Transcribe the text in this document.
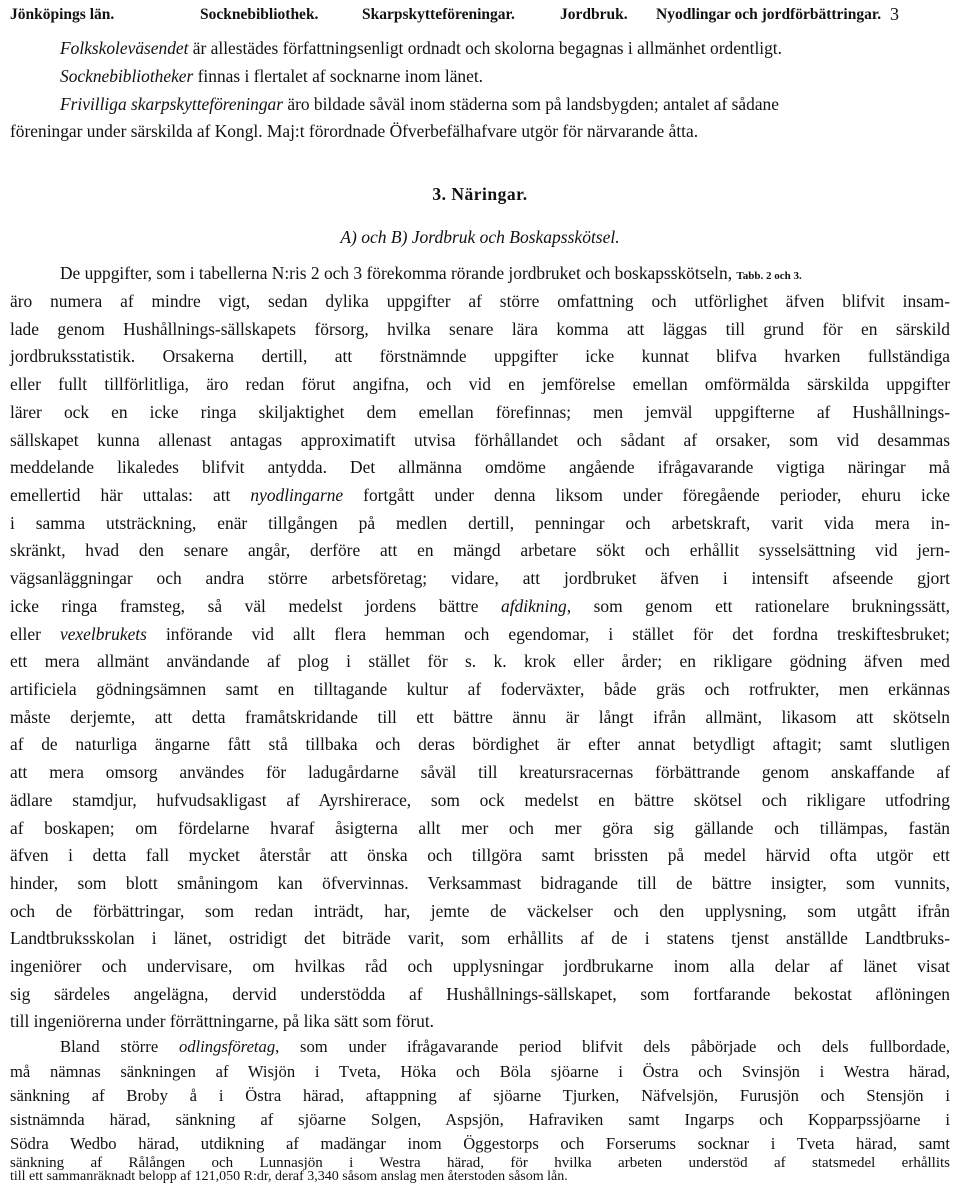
Jönköpings län.	Socknebibliothek.	Skarpskytteföreningar.	Jordbruk. Nyodlingar och jordförbättringar. 3
Folkskoleväsendet är allestädes författningsenligt ordnadt och skolorna begagnas i allmänhet ordentligt.
Socknebibliotheker finnas i flertalet af socknarne inom länet.
Frivilliga skarpskytteföreningar äro bildade såväl inom städerna som på landsbygden; antalet af sådane
föreningar under särskilda af Kongl. Maj:t förordnade Öfverbefälhafvare utgör för närvarande åtta.
3. Näringar.
A) och B) Jordbruk och Boskapsskötsel.
De uppgifter, som i tabellerna N:ris 2 och 3 förekomma rörande jordbruket och boskapsskötseln, Tabb. 2 och 3.
äro numera af mindre vigt, sedan dylika uppgifter af större omfattning och utförlighet äfven blifvit insam-
lade genom Hushållnings-sällskapets försorg, hvilka senare lära komma att läggas till grund för en särskild
jordbruksstatistik. Orsakerna dertill, att förstnämnde uppgifter icke kunnat blifva hvarken fullständiga
eller fullt tillförlitliga, äro redan förut angifna, och vid en jemförelse emellan omförmälda särskilda uppgifter
lärer ock en icke ringa skiljaktighet dem emellan förefinnas; men jemväl uppgifterne af Hushållnings-
sällskapet kunna allenast antagas approximatift utvisa förhållandet och sådant af orsaker, som vid desammas
meddelande likaledes blifvit antydda. Det allmänna omdöme angående ifrågavarande vigtiga näringar må
emellertid här uttalas: att nyodlingarne fortgått under denna liksom under föregående perioder, ehuru icke
i samma utsträckning, enär tillgången på medlen dertill, penningar och arbetskraft, varit vida mera in-
skränkt, hvad den senare angår, derföre att en mängd arbetare sökt och erhållit sysselsättning vid jern-
vägsanläggningar och andra större arbetsföretag; vidare, att jordbruket äfven i intensift afseende gjort
icke ringa framsteg, så väl medelst jordens bättre afdikning, som genom ett rationelare brukningssätt,
eller vexelbrukets införande vid allt flera hemman och egendomar, i stället för det fordna treskiftesbruket;
ett mera allmänt användande af plog i stället för s. k. krok eller årder; en rikligare gödning äfven med
artificiela gödningsämnen samt en tilltagande kultur af foderväxter, både gräs och rotfrukter, men erkännas
måste derjemte, att detta framåtskridande till ett bättre ännu är långt ifrån allmänt, likasom att skötseln
af de naturliga ängarne fått stå tillbaka och deras bördighet är efter annat betydligt aftagit; samt slutligen
att mera omsorg användes för ladugårdarne såväl till kreatursracernas förbättrande genom anskaffande af
ädlare stamdjur, hufvudsakligast af Ayrshirerace, som ock medelst en bättre skötsel och rikligare utfodring
af boskapen; om fördelarne hvaraf åsigterna allt mer och mer göra sig gällande och tillämpas, fastän
äfven i detta fall mycket återstår att önska och tillgöra samt brissten på medel härvid ofta utgör ett
hinder, som blott småningom kan öfvervinnas. Verksammast bidragande till de bättre insigter, som vunnits,
och de förbättringar, som redan inträdt, har, jemte de väckelser och den upplysning, som utgått ifrån
Landtbruksskolan i länet, ostridigt det biträde varit, som erhållits af de i statens tjenst anställde Landtbruks-
ingeniörer och undervisare, om hvilkas råd och upplysningar jordbrukarne inom alla delar af länet visat
sig särdeles angelägna, dervid understödda af Hushållnings-sällskapet, som fortfarande bekostat aflöningen
till ingeniörerna under förrättningarne, på lika sätt som förut.
Bland större odlingsföretag, som under ifrågavarande period blifvit dels påbörjade och dels fullbordade,
må nämnas sänkningen af Wisjön i Tveta, Höka och Böla sjöarne i Östra och Svinsjön i Westra härad,
sänkning af Broby å i Östra härad, aftappning af sjöarne Tjurken, Näfvelsjön, Furusjön och Stensjön i
sistnämnda härad, sänkning af sjöarne Solgen, Aspsjön, Hafraviken samt Ingarps och Kopparpssjöarne i
Södra Wedbo härad, utdikning af madängar inom Öggestorps och Forserums socknar i Tveta härad, samt
sänkning af Rålången och Lunnasjön i Westra härad, för hvilka arbeten understöd af statsmedel erhållits
till ett sammanräknadt belopp af 121,050 R:dr, deraf 3,340 såsom anslag men återstoden såsom lån.
